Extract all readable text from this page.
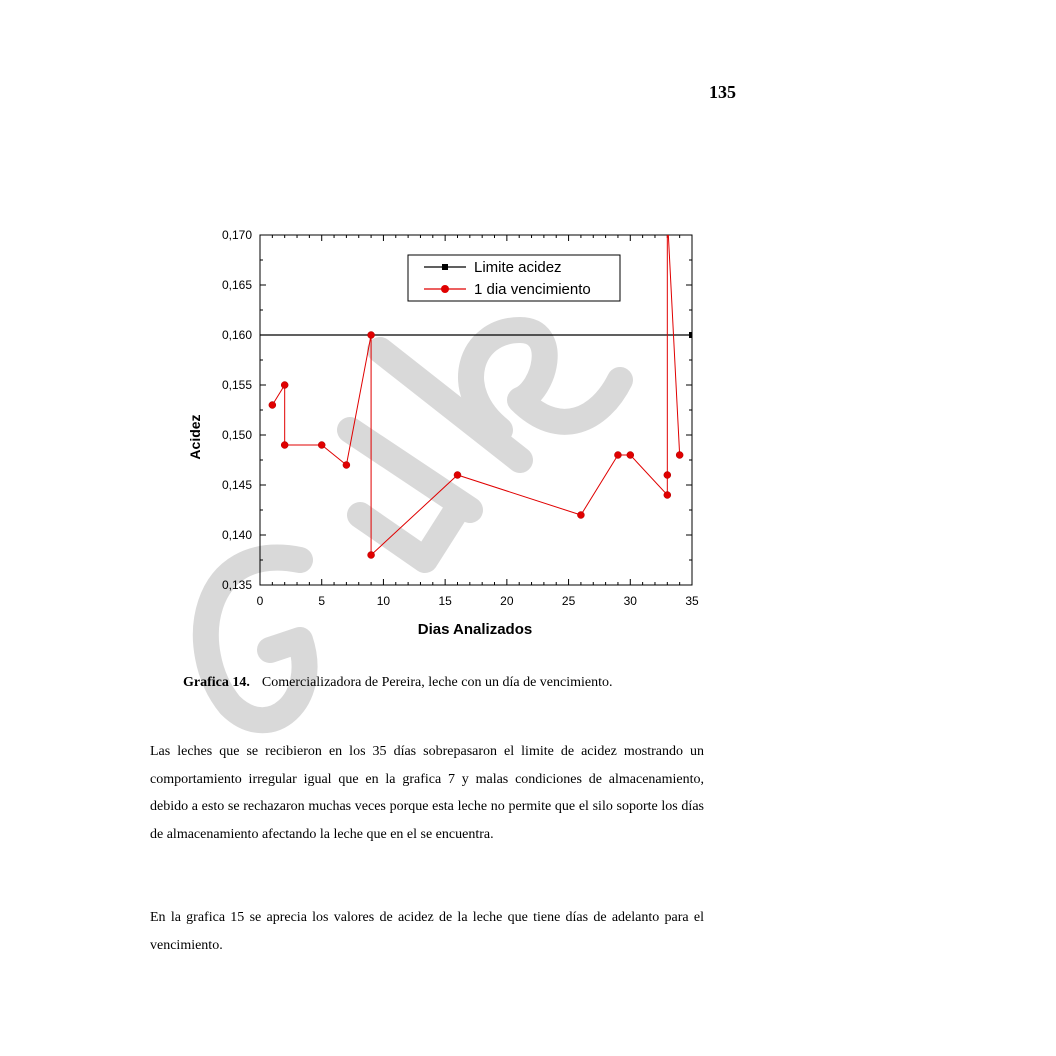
135
0	5	10	15	20	25	30	35
0,135
0,140
0,145
0,150
0,155
0,160
0,165
0,170
Limite acidez
1 dia vencimiento
Dias Analizados
Acidez
Grafica 14. Comercializadora de Pereira, leche con un día de vencimiento.

Las leches que se recibieron en los 35 días sobrepasaron el limite de acidez mostrando un comportamiento irregular igual que en la grafica 7 y malas condiciones de almacenamiento, debido a esto se rechazaron muchas veces porque esta leche no permite que el silo soporte los días de almacenamiento afectando la leche que en el se encuentra.

En la grafica 15 se aprecia los valores de acidez de la leche que tiene días de adelanto para el vencimiento.
